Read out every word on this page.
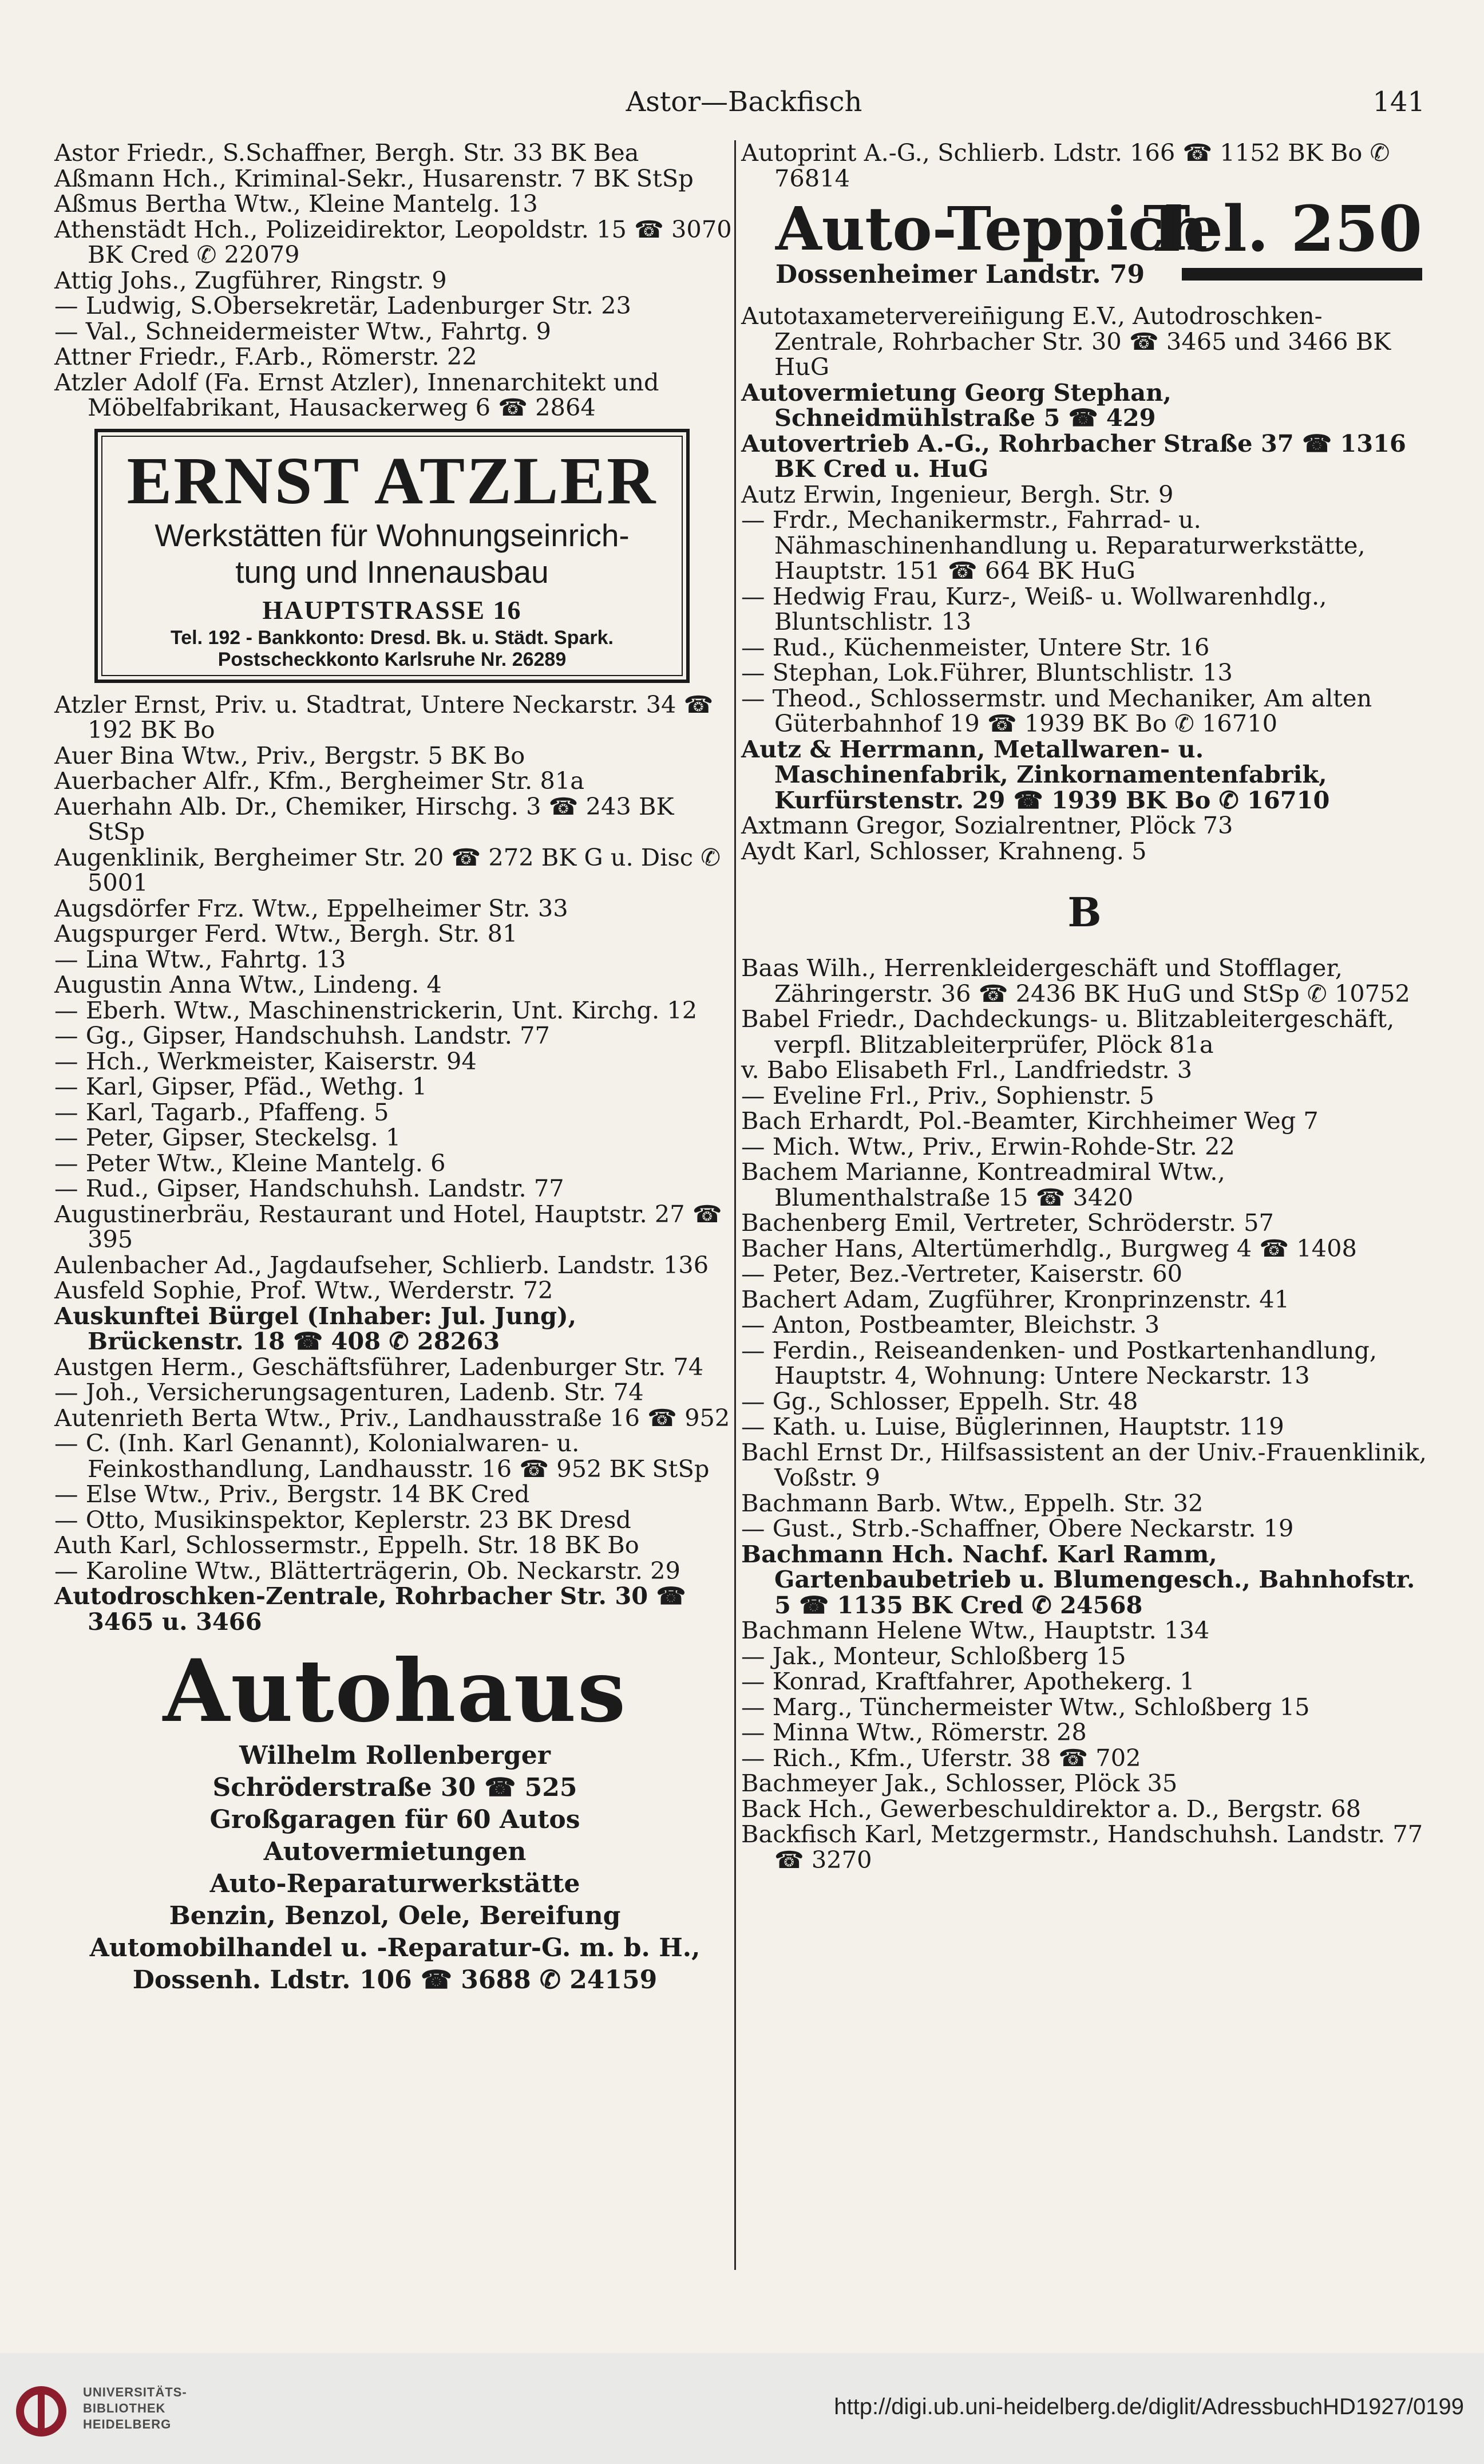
Astor—Backfisch	141

Astor Friedr., S.Schaffner, Bergh. Str. 33 BK Bea

Aßmann Hch., Kriminal-Sekr., Husarenstr. 7 BK StSp

Aßmus Bertha Wtw., Kleine Mantelg. 13

Athenstädt Hch., Polizeidirektor, Leopoldstr. 15 ☎ 3070 BK Cred ✆ 22079

Attig Johs., Zugführer, Ringstr. 9

— Ludwig, S.Obersekretär, Ladenburger Str. 23

— Val., Schneidermeister Wtw., Fahrtg. 9

Attner Friedr., F.Arb., Römerstr. 22

Atzler Adolf (Fa. Ernst Atzler), Innenarchitekt und Möbelfabrikant, Hausackerweg 6 ☎ 2864

ERNST ATZLER
Werkstätten für Wohnungseinrich-
tung und Innenausbau
HAUPTSTRASSE 16
Tel. 192 - Bankkonto: Dresd. Bk. u. Städt. Spark.
Postscheckkonto Karlsruhe Nr. 26289

Atzler Ernst, Priv. u. Stadtrat, Untere Neckarstr. 34 ☎ 192 BK Bo

Auer Bina Wtw., Priv., Bergstr. 5 BK Bo

Auerbacher Alfr., Kfm., Bergheimer Str. 81a

Auerhahn Alb. Dr., Chemiker, Hirschg. 3 ☎ 243 BK StSp

Augenklinik, Bergheimer Str. 20 ☎ 272 BK G u. Disc ✆ 5001

Augsdörfer Frz. Wtw., Eppelheimer Str. 33

Augspurger Ferd. Wtw., Bergh. Str. 81

— Lina Wtw., Fahrtg. 13

Augustin Anna Wtw., Lindeng. 4

— Eberh. Wtw., Maschinenstrickerin, Unt. Kirchg. 12

— Gg., Gipser, Handschuhsh. Landstr. 77

— Hch., Werkmeister, Kaiserstr. 94

— Karl, Gipser, Pfäd., Wethg. 1

— Karl, Tagarb., Pfaffeng. 5

— Peter, Gipser, Steckelsg. 1

— Peter Wtw., Kleine Mantelg. 6

— Rud., Gipser, Handschuhsh. Landstr. 77

Augustinerbräu, Restaurant und Hotel, Hauptstr. 27 ☎ 395

Aulenbacher Ad., Jagdaufseher, Schlierb. Landstr. 136

Ausfeld Sophie, Prof. Wtw., Werderstr. 72

Auskunftei Bürgel (Inhaber: Jul. Jung), Brückenstr. 18 ☎ 408 ✆ 28263

Austgen Herm., Geschäftsführer, Ladenburger Str. 74

— Joh., Versicherungsagenturen, Ladenb. Str. 74

Autenrieth Berta Wtw., Priv., Landhausstraße 16 ☎ 952

— C. (Inh. Karl Genannt), Kolonialwaren- u. Feinkosthandlung, Landhausstr. 16 ☎ 952 BK StSp

— Else Wtw., Priv., Bergstr. 14 BK Cred

— Otto, Musikinspektor, Keplerstr. 23 BK Dresd

Auth Karl, Schlossermstr., Eppelh. Str. 18 BK Bo

— Karoline Wtw., Blätterträgerin, Ob. Neckarstr. 29

Autodroschken-Zentrale, Rohrbacher Str. 30 ☎ 3465 u. 3466

Autohaus
Wilhelm Rollenberger
Schröderstraße 30 ☎ 525
Großgaragen für 60 Autos
Autovermietungen
Auto-Reparaturwerkstätte
Benzin, Benzol, Oele, Bereifung
Automobilhandel u. -Reparatur-G. m. b. H.,
Dossenh. Ldstr. 106 ☎ 3688 ✆ 24159

Autoprint A.-G., Schlierb. Ldstr. 166 ☎ 1152 BK Bo ✆ 76814

Auto-Teppich
Tel. 250
Dossenheimer Landstr. 79

Autotaxameterverein̄igung E.V., Autodroschken-Zentrale, Rohrbacher Str. 30 ☎ 3465 und 3466 BK HuG

Autovermietung Georg Stephan, Schneidmühlstraße 5 ☎ 429

Autovertrieb A.-G., Rohrbacher Straße 37 ☎ 1316 BK Cred u. HuG

Autz Erwin, Ingenieur, Bergh. Str. 9

— Frdr., Mechanikermstr., Fahrrad- u. Nähmaschinenhandlung u. Reparaturwerkstätte, Hauptstr. 151 ☎ 664 BK HuG

— Hedwig Frau, Kurz-, Weiß- u. Wollwarenhdlg., Bluntschlistr. 13

— Rud., Küchenmeister, Untere Str. 16

— Stephan, Lok.Führer, Bluntschlistr. 13

— Theod., Schlossermstr. und Mechaniker, Am alten Güterbahnhof 19 ☎ 1939 BK Bo ✆ 16710

Autz & Herrmann, Metallwaren- u. Maschinenfabrik, Zinkornamentenfabrik, Kurfürstenstr. 29 ☎ 1939 BK Bo ✆ 16710

Axtmann Gregor, Sozialrentner, Plöck 73

Aydt Karl, Schlosser, Krahneng. 5

B

Baas Wilh., Herrenkleidergeschäft und Stofflager, Zähringerstr. 36 ☎ 2436 BK HuG und StSp ✆ 10752

Babel Friedr., Dachdeckungs- u. Blitzableitergeschäft, verpfl. Blitzableiterprüfer, Plöck 81a

v. Babo Elisabeth Frl., Landfriedstr. 3

— Eveline Frl., Priv., Sophienstr. 5

Bach Erhardt, Pol.-Beamter, Kirchheimer Weg 7

— Mich. Wtw., Priv., Erwin-Rohde-Str. 22

Bachem Marianne, Kontreadmiral Wtw., Blumenthalstraße 15 ☎ 3420

Bachenberg Emil, Vertreter, Schröderstr. 57

Bacher Hans, Altertümerhdlg., Burgweg 4 ☎ 1408

— Peter, Bez.-Vertreter, Kaiserstr. 60

Bachert Adam, Zugführer, Kronprinzenstr. 41

— Anton, Postbeamter, Bleichstr. 3

— Ferdin., Reiseandenken- und Postkartenhandlung, Hauptstr. 4, Wohnung: Untere Neckarstr. 13

— Gg., Schlosser, Eppelh. Str. 48

— Kath. u. Luise, Büglerinnen, Hauptstr. 119

Bachl Ernst Dr., Hilfsassistent an der Univ.-Frauenklinik, Voßstr. 9

Bachmann Barb. Wtw., Eppelh. Str. 32

— Gust., Strb.-Schaffner, Obere Neckarstr. 19

Bachmann Hch. Nachf. Karl Ramm, Gartenbaubetrieb u. Blumengesch., Bahnhofstr. 5 ☎ 1135 BK Cred ✆ 24568

Bachmann Helene Wtw., Hauptstr. 134

— Jak., Monteur, Schloßberg 15

— Konrad, Kraftfahrer, Apothekerg. 1

— Marg., Tünchermeister Wtw., Schloßberg 15

— Minna Wtw., Römerstr. 28

— Rich., Kfm., Uferstr. 38 ☎ 702

Bachmeyer Jak., Schlosser, Plöck 35

Back Hch., Gewerbeschuldirektor a. D., Bergstr. 68

Backfisch Karl, Metzgermstr., Handschuhsh. Landstr. 77 ☎ 3270

UNIVERSITÄTS-
BIBLIOTHEK
HEIDELBERG
http://digi.ub.uni-heidelberg.de/diglit/AdressbuchHD1927/0199
